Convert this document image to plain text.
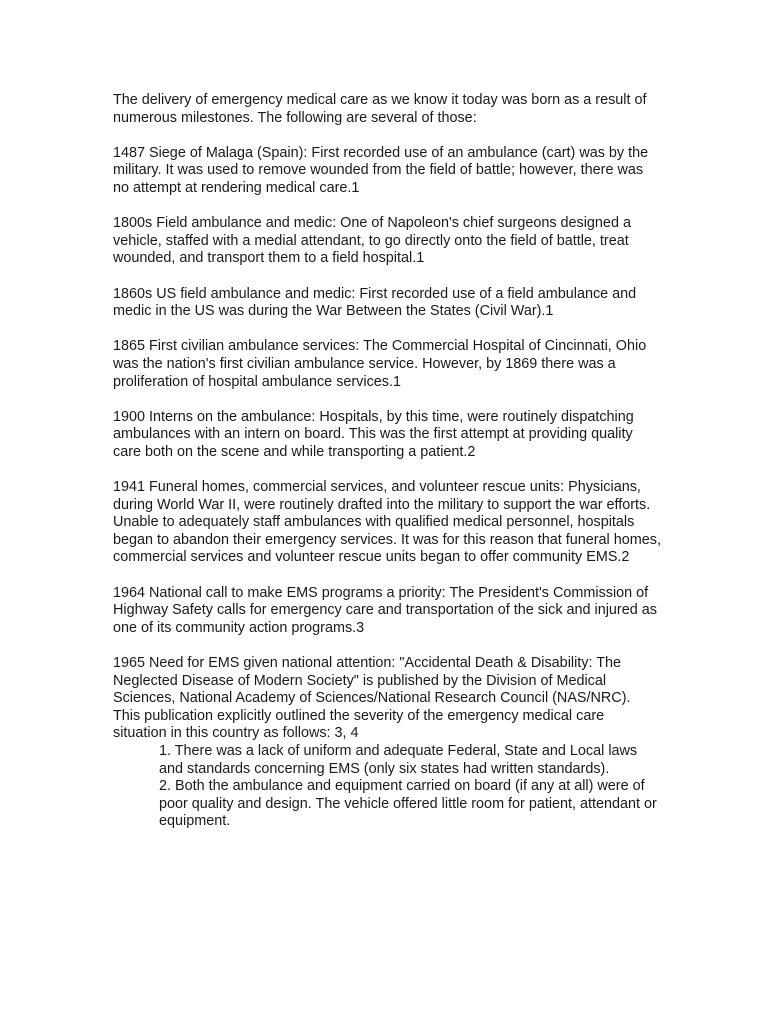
The delivery of emergency medical care as we know it today was born as a result of numerous milestones. The following are several of those:

1487 Siege of Malaga (Spain): First recorded use of an ambulance (cart) was by the military. It was used to remove wounded from the field of battle; however, there was no attempt at rendering medical care.1

1800s Field ambulance and medic: One of Napoleon's chief surgeons designed a vehicle, staffed with a medial attendant, to go directly onto the field of battle, treat wounded, and transport them to a field hospital.1

1860s US field ambulance and medic: First recorded use of a field ambulance and medic in the US was during the War Between the States (Civil War).1

1865 First civilian ambulance services: The Commercial Hospital of Cincinnati, Ohio was the nation's first civilian ambulance service. However, by 1869 there was a proliferation of hospital ambulance services.1

1900 Interns on the ambulance: Hospitals, by this time, were routinely dispatching ambulances with an intern on board. This was the first attempt at providing quality care both on the scene and while transporting a patient.2

1941 Funeral homes, commercial services, and volunteer rescue units: Physicians, during World War II, were routinely drafted into the military to support the war efforts. Unable to adequately staff ambulances with qualified medical personnel, hospitals began to abandon their emergency services. It was for this reason that funeral homes, commercial services and volunteer rescue units began to offer community EMS.2

1964 National call to make EMS programs a priority: The President's Commission of Highway Safety calls for emergency care and transportation of the sick and injured as one of its community action programs.3

1965 Need for EMS given national attention: "Accidental Death & Disability: The Neglected Disease of Modern Society" is published by the Division of Medical Sciences, National Academy of Sciences/National Research Council (NAS/NRC). This publication explicitly outlined the severity of the emergency medical care situation in this country as follows: 3, 4

1. There was a lack of uniform and adequate Federal, State and Local laws and standards concerning EMS (only six states had written standards).
2. Both the ambulance and equipment carried on board (if any at all) were of poor quality and design. The vehicle offered little room for patient, attendant or equipment.
